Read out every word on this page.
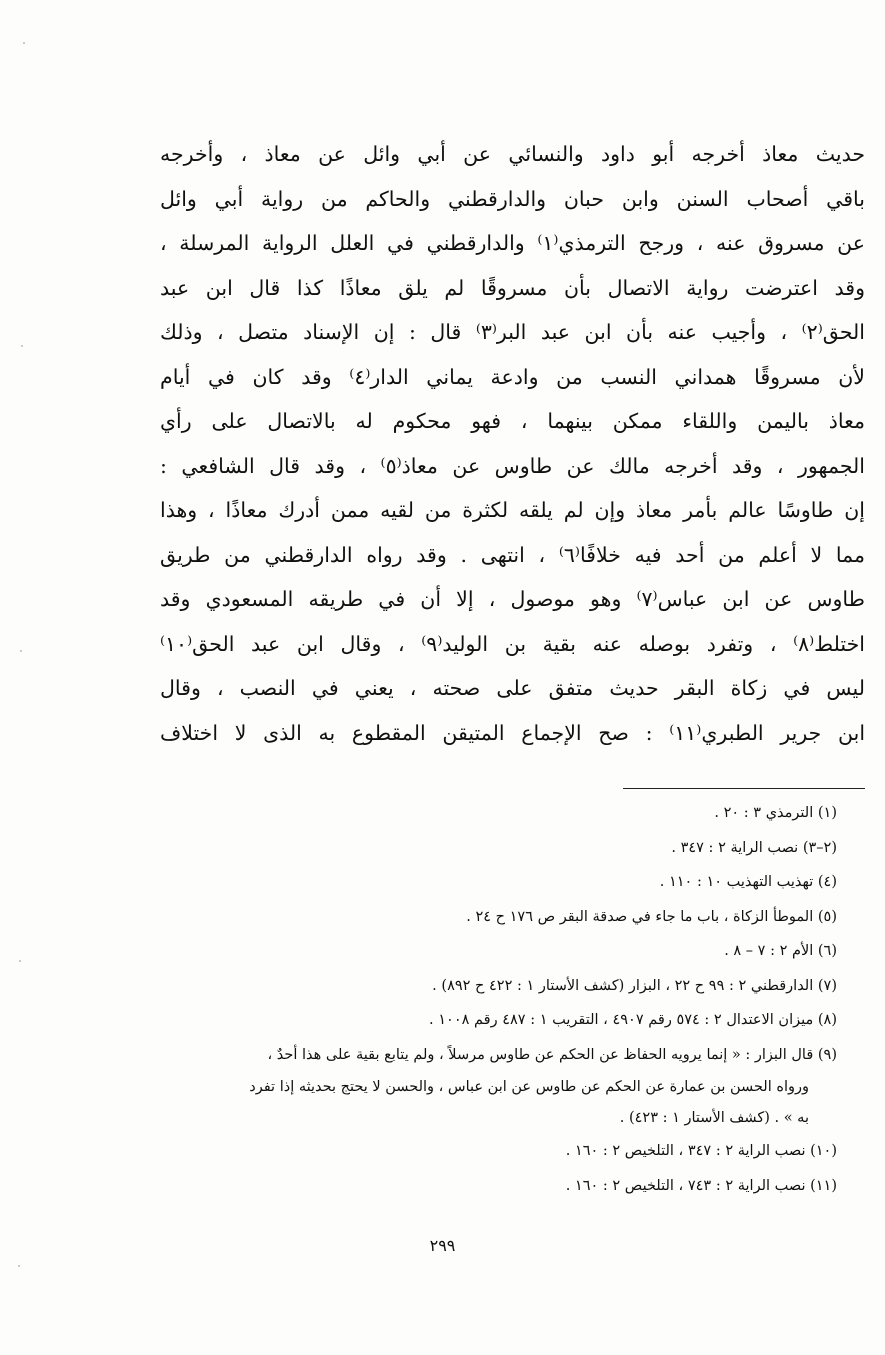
حديث معاذ أخرجه أبو داود والنسائي عن أبي وائل عن معاذ ، وأخرجه
باقي أصحاب السنن وابن حبان والدارقطني والحاكم من رواية أبي وائل
عن مسروق عنه ، ورجح الترمذي⁽١⁾ والدارقطني في العلل الرواية المرسلة ،
وقد اعترضت رواية الاتصال بأن مسروقًا لم يلق معاذًا كذا قال ابن عبد
الحق⁽٢⁾ ، وأجيب عنه بأن ابن عبد البر⁽٣⁾ قال : إن الإسناد متصل ، وذلك
لأن مسروقًا همداني النسب من وادعة يماني الدار⁽٤⁾ وقد كان في أيام
معاذ باليمن واللقاء ممكن بينهما ، فهو محكوم له بالاتصال على رأي
الجمهور ، وقد أخرجه مالك عن طاوس عن معاذ⁽٥⁾ ، وقد قال الشافعي :
إن طاوسًا عالم بأمر معاذ وإن لم يلقه لكثرة من لقيه ممن أدرك معاذًا ، وهذا
مما لا أعلم من أحد فيه خلافًا⁽٦⁾ ، انتهى . وقد رواه الدارقطني من طريق
طاوس عن ابن عباس⁽٧⁾ وهو موصول ، إلا أن في طريقه المسعودي وقد
اختلط⁽٨⁾ ، وتفرد بوصله عنه بقية بن الوليد⁽٩⁾ ، وقال ابن عبد الحق⁽١٠⁾
ليس في زكاة البقر حديث متفق على صحته ، يعني في النصب ، وقال
ابن جرير الطبري⁽١١⁾ : صح الإجماع المتيقن المقطوع به الذى لا اختلاف
(١) الترمذي ٣ : ٢٠ .
(٢–٣) نصب الراية ٢ : ٣٤٧ .
(٤) تهذيب التهذيب ١٠ : ١١٠ .
(٥) الموطأ الزكاة ، باب ما جاء في صدقة البقر ص ١٧٦ ح ٢٤ .
(٦) الأم ٢ : ٧ – ٨ .
(٧) الدارقطني ٢ : ٩٩ ح ٢٢ ، البزار (كشف الأستار ١ : ٤٢٢ ح ٨٩٢) .
(٨) ميزان الاعتدال ٢ : ٥٧٤ رقم ٤٩٠٧ ، التقريب ١ : ٤٨٧ رقم ١٠٠٨ .
(٩) قال البزار : « إنما يرويه الحفاظ عن الحكم عن طاوس مرسلاً ، ولم يتابع بقية على هذا أحدٌ ،
ورواه الحسن بن عمارة عن الحكم عن طاوس عن ابن عباس ، والحسن لا يحتج بحديثه إذا تفرد
به » . (كشف الأستار ١ : ٤٢٣) .
(١٠) نصب الراية ٢ : ٣٤٧ ، التلخيص ٢ : ١٦٠ .
(١١) نصب الراية ٢ : ٧٤٣ ، التلخيص ٢ : ١٦٠ .
٢٩٩
